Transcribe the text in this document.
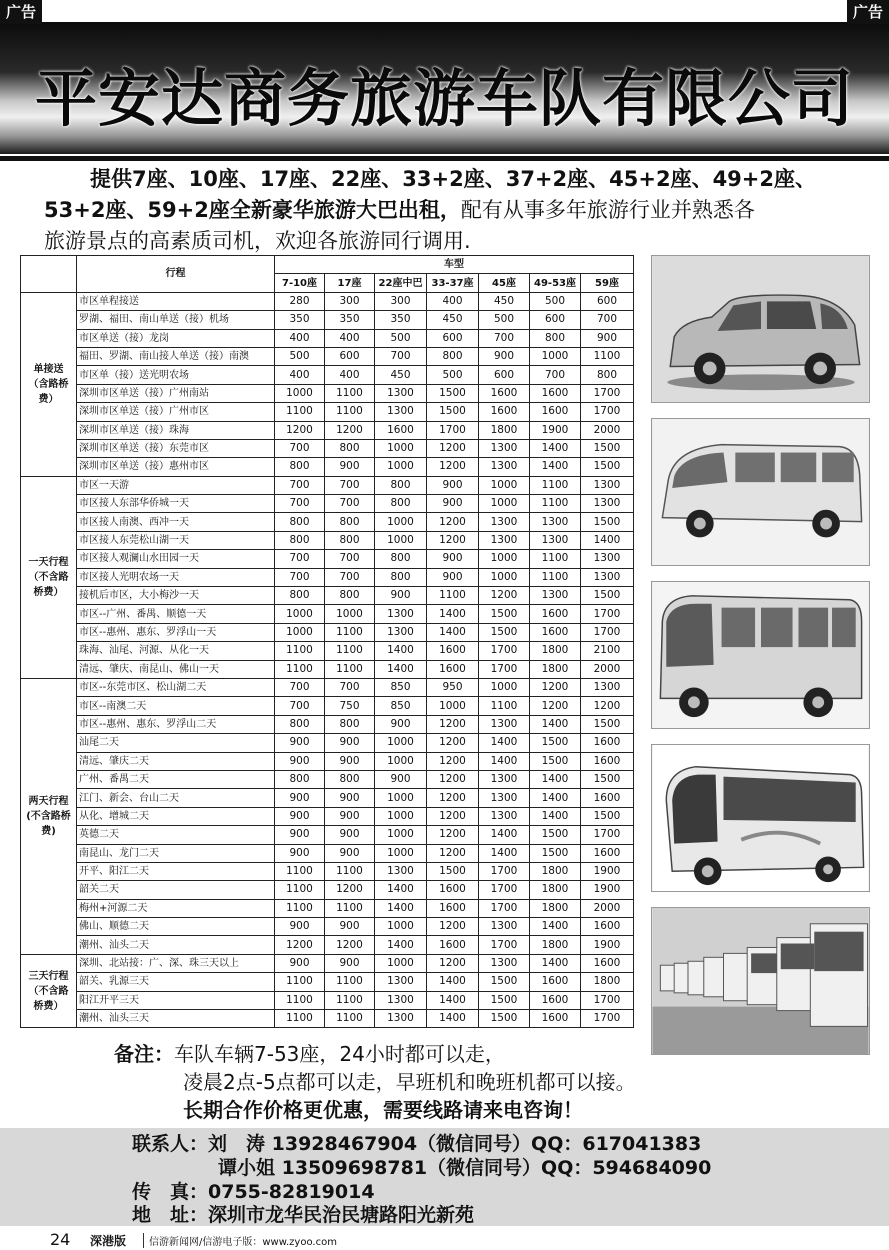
广告	广告
平安达商务旅游车队有限公司

提供7座、10座、17座、22座、33+2座、37+2座、45+2座、49+2座、

53+2座、59+2座全新豪华旅游大巴出租，配有从事多年旅游行业并熟悉各

旅游景点的高素质司机，欢迎各旅游同行调用.

	行程	车型						
		7-10座	17座	22座中巴	33-37座	45座	49-53座	59座

单接送
（含路桥
费）	市区单程接送	280	300	300	400	450	500	600
	罗湖、福田、南山单送（接）机场	350	350	350	450	500	600	700
	市区单送（接）龙岗	400	400	500	600	700	800	900
	福田、罗湖、南山接人单送（接）南澳	500	600	700	800	900	1000	1100
	市区单（接）送光明农场	400	400	450	500	600	700	800
	深圳市区单送（接）广州南站	1000	1100	1300	1500	1600	1600	1700
	深圳市区单送（接）广州市区	1100	1100	1300	1500	1600	1600	1700
	深圳市区单送（接）珠海	1200	1200	1600	1700	1800	1900	2000
	深圳市区单送（接）东莞市区	700	800	1000	1200	1300	1400	1500
	深圳市区单送（接）惠州市区	800	900	1000	1200	1300	1400	1500

一天行程
（不含路
桥费）	市区一天游	700	700	800	900	1000	1100	1300
	市区接人东部华侨城一天	700	700	800	900	1000	1100	1300
	市区接人南澳、西冲一天	800	800	1000	1200	1300	1300	1500
	市区接人东莞松山湖一天	800	800	1000	1200	1300	1300	1400
	市区接人观澜山水田园一天	700	700	800	900	1000	1100	1300
	市区接人光明农场一天	700	700	800	900	1000	1100	1300
	接机后市区，大小梅沙一天	800	800	900	1100	1200	1300	1500
	市区--广州、番禺、顺德一天	1000	1000	1300	1400	1500	1600	1700
	市区--惠州、惠东、罗浮山一天	1000	1100	1300	1400	1500	1600	1700
	珠海、汕尾、河源、从化一天	1100	1100	1400	1600	1700	1800	2100
	清远、肇庆、南昆山、佛山一天	1100	1100	1400	1600	1700	1800	2000

两天行程
(不含路桥
费)	市区--东莞市区、松山湖二天	700	700	850	950	1000	1200	1300
	市区--南澳二天	700	750	850	1000	1100	1200	1200
	市区--惠州、惠东、罗浮山二天	800	800	900	1200	1300	1400	1500
	汕尾二天	900	900	1000	1200	1400	1500	1600
	清远、肇庆二天	900	900	1000	1200	1400	1500	1600
	广州、番禺二天	800	800	900	1200	1300	1400	1500
	江门、新会、台山二天	900	900	1000	1200	1300	1400	1600
	从化、增城二天	900	900	1000	1200	1300	1400	1500
	英德二天	900	900	1000	1200	1400	1500	1700
	南昆山、龙门二天	900	900	1000	1200	1400	1500	1600
	开平、阳江二天	1100	1100	1300	1500	1700	1800	1900
	韶关二天	1100	1200	1400	1600	1700	1800	1900
	梅州+河源二天	1100	1100	1400	1600	1700	1800	2000
	佛山、顺德二天	900	900	1000	1200	1300	1400	1600
	潮州、汕头二天	1200	1200	1400	1600	1700	1800	1900

三天行程
（不含路
桥费）	深圳、北站接：广、深、珠三天以上	900	900	1000	1200	1300	1400	1600
	韶关、乳源三天	1100	1100	1300	1400	1500	1600	1800
	阳江开平三天	1100	1100	1300	1400	1500	1600	1700
	潮州、汕头三天	1100	1100	1300	1400	1500	1600	1700

备注：车队车辆7-53座，24小时都可以走，

凌晨2点-5点都可以走，早班机和晚班机都可以接。

长期合作价格更优惠，需要线路请来电咨询！

联系人：刘　涛 13928467904（微信同号）QQ：617041383
谭小姐 13509698781（微信同号）QQ：594684090
传　真：0755-82819014
地　址：深圳市龙华民治民塘路阳光新苑
24 深港版	信游新闻网/信游电子版：www.zyoo.com
